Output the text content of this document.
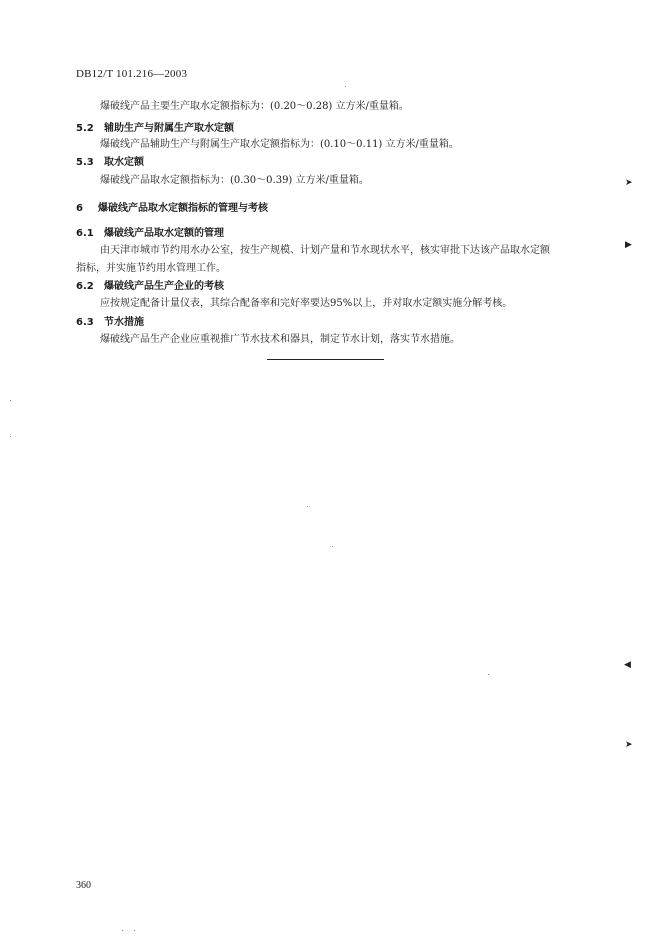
DB12/T 101.216—2003
爆破线产品主要生产取水定额指标为：(0.20～0.28) 立方米/重量箱。
5.2 辅助生产与附属生产取水定额
爆破线产品辅助生产与附属生产取水定额指标为：(0.10～0.11) 立方米/重量箱。
5.3 取水定额
爆破线产品取水定额指标为：(0.30～0.39) 立方米/重量箱。
6 爆破线产品取水定额指标的管理与考核
6.1 爆破线产品取水定额的管理
由天津市城市节约用水办公室，按生产规模、计划产量和节水现状水平，核实审批下达该产品取水定额
指标，并实施节约用水管理工作。
6.2 爆破线产品生产企业的考核
应按规定配备计量仪表，其综合配备率和完好率要达95%以上，并对取水定额实施分解考核。
6.3 节水措施
爆破线产品生产企业应重视推广节水技术和器具，制定节水计划，落实节水措施。
360
➤
▶
◀
➤
